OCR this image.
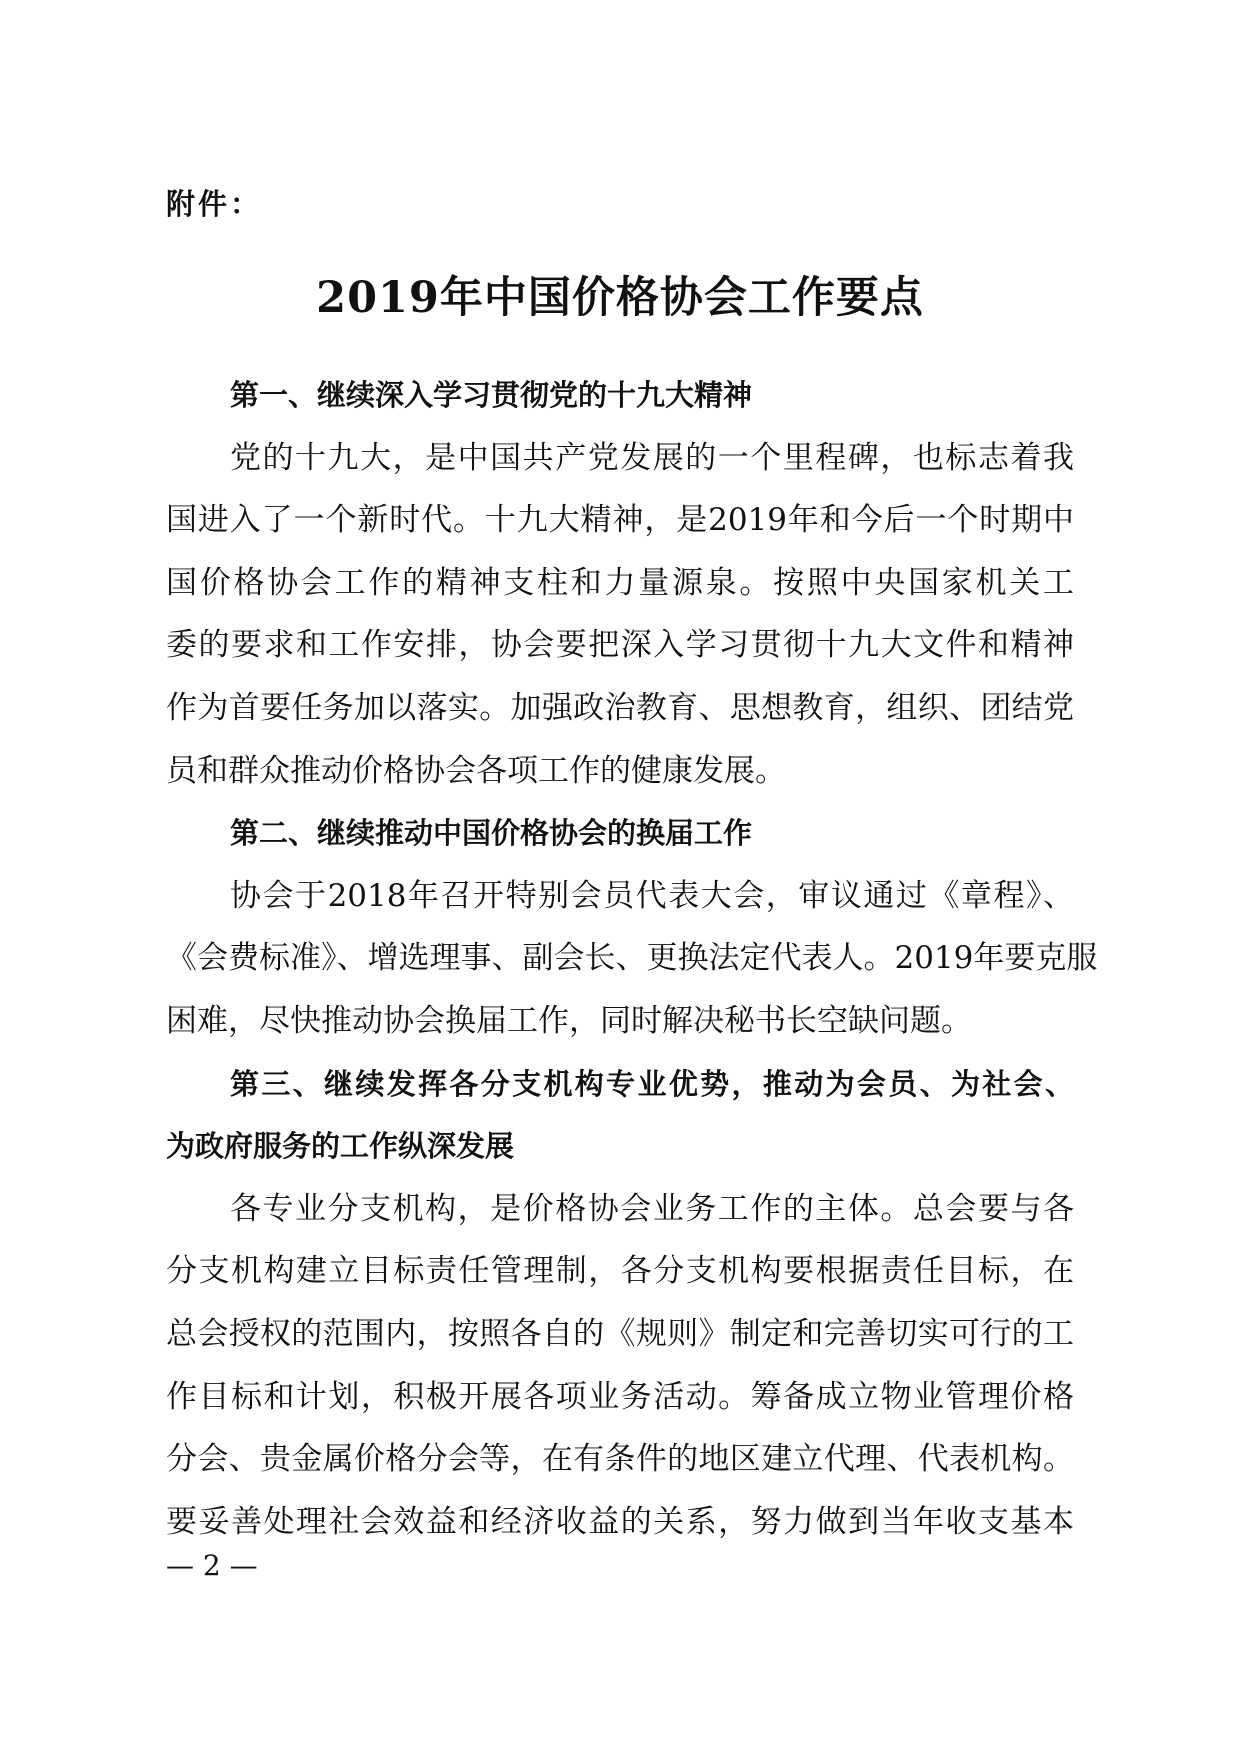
附件：
2019年中国价格协会工作要点
第一、继续深入学习贯彻党的十九大精神
党的十九大，是中国共产党发展的一个里程碑，也标志着我
国进入了一个新时代。十九大精神，是2019年和今后一个时期中
国价格协会工作的精神支柱和力量源泉。按照中央国家机关工
委的要求和工作安排，协会要把深入学习贯彻十九大文件和精神
作为首要任务加以落实。加强政治教育、思想教育，组织、团结党
员和群众推动价格协会各项工作的健康发展。
第二、继续推动中国价格协会的换届工作
协会于2018年召开特别会员代表大会，审议通过《章程》、
《会费标准》、增选理事、副会长、更换法定代表人。2019年要克服
困难，尽快推动协会换届工作，同时解决秘书长空缺问题。
第三、继续发挥各分支机构专业优势，推动为会员、为社会、
为政府服务的工作纵深发展
各专业分支机构，是价格协会业务工作的主体。总会要与各
分支机构建立目标责任管理制，各分支机构要根据责任目标，在
总会授权的范围内，按照各自的《规则》制定和完善切实可行的工
作目标和计划，积极开展各项业务活动。筹备成立物业管理价格
分会、贵金属价格分会等，在有条件的地区建立代理、代表机构。
要妥善处理社会效益和经济收益的关系，努力做到当年收支基本
— 2 —
